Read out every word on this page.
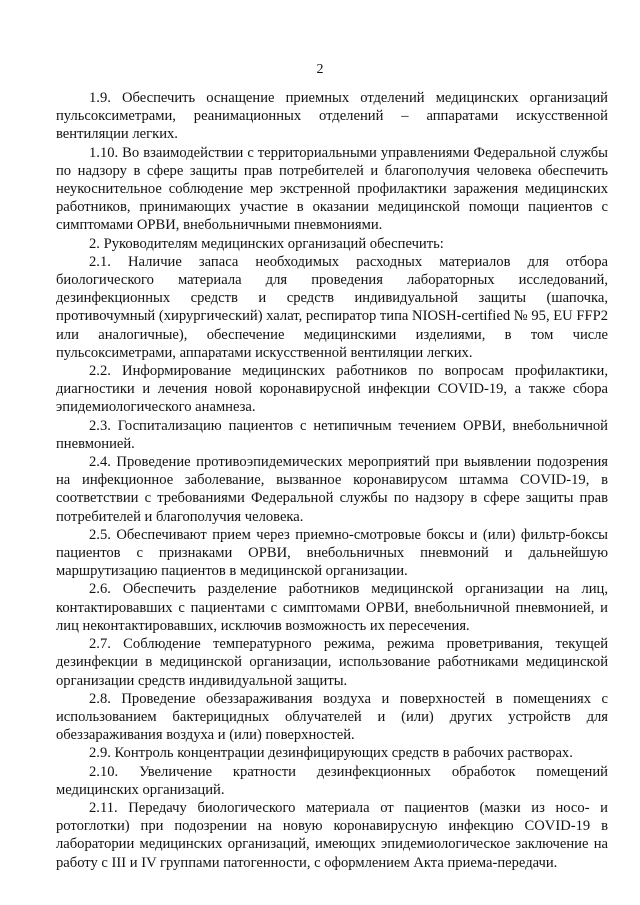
2

1.9. Обеспечить оснащение приемных отделений медицинских организаций пульсоксиметрами, реанимационных отделений – аппаратами искусственной вентиляции легких.

1.10. Во взаимодействии с территориальными управлениями Федеральной службы по надзору в сфере защиты прав потребителей и благополучия человека обеспечить неукоснительное соблюдение мер экстренной профилактики заражения медицинских работников, принимающих участие в оказании медицинской помощи пациентов с симптомами ОРВИ, внебольничными пневмониями.

2. Руководителям медицинских организаций обеспечить:

2.1. Наличие запаса необходимых расходных материалов для отбора биологического материала для проведения лабораторных исследований, дезинфекционных средств и средств индивидуальной защиты (шапочка, противочумный (хирургический) халат, респиратор типа NIOSH-certified № 95, EU FFP2 или аналогичные), обеспечение медицинскими изделиями, в том числе пульсоксиметрами, аппаратами искусственной вентиляции легких.

2.2. Информирование медицинских работников по вопросам профилактики, диагностики и лечения новой коронавирусной инфекции COVID-19, а также сбора эпидемиологического анамнеза.

2.3. Госпитализацию пациентов с нетипичным течением ОРВИ, внебольничной пневмонией.

2.4. Проведение противоэпидемических мероприятий при выявлении подозрения на инфекционное заболевание, вызванное коронавирусом штамма COVID-19, в соответствии с требованиями Федеральной службы по надзору в сфере защиты прав потребителей и благополучия человека.

2.5. Обеспечивают прием через приемно-смотровые боксы и (или) фильтр-боксы пациентов с признаками ОРВИ, внебольничных пневмоний и дальнейшую маршрутизацию пациентов в медицинской организации.

2.6. Обеспечить разделение работников медицинской организации на лиц, контактировавших с пациентами с симптомами ОРВИ, внебольничной пневмонией, и лиц неконтактировавших, исключив возможность их пересечения.

2.7. Соблюдение температурного режима, режима проветривания, текущей дезинфекции в медицинской организации, использование работниками медицинской организации средств индивидуальной защиты.

2.8. Проведение обеззараживания воздуха и поверхностей в помещениях с использованием бактерицидных облучателей и (или) других устройств для обеззараживания воздуха и (или) поверхностей.

2.9. Контроль концентрации дезинфицирующих средств в рабочих растворах.

2.10. Увеличение кратности дезинфекционных обработок помещений медицинских организаций.

2.11. Передачу биологического материала от пациентов (мазки из носо- и ротоглотки) при подозрении на новую коронавирусную инфекцию COVID-19 в лаборатории медицинских организаций, имеющих эпидемиологическое заключение на работу с III и IV группами патогенности, с оформлением Акта приема-передачи.
